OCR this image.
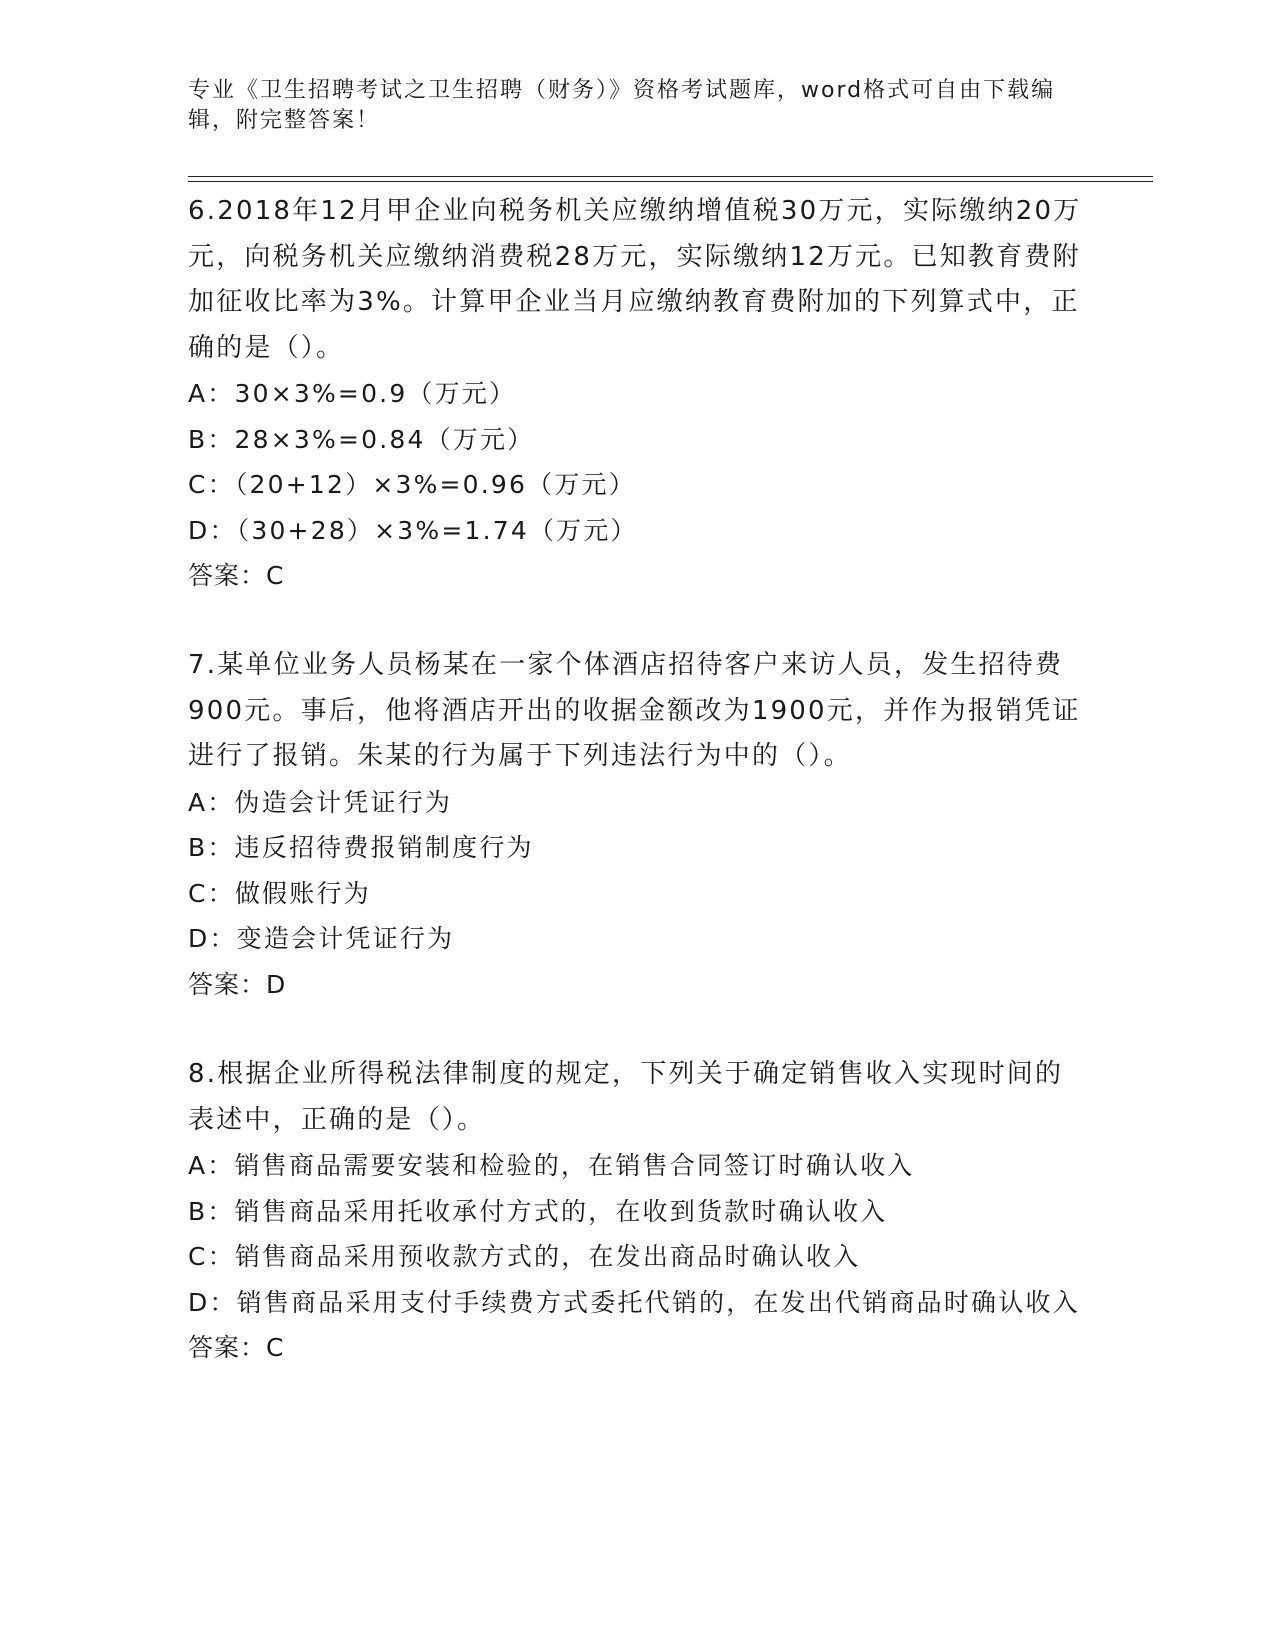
专业《卫生招聘考试之卫生招聘（财务）》资格考试题库，word格式可自由下载编辑，附完整答案！
6.2018年12月甲企业向税务机关应缴纳增值税30万元，实际缴纳20万元，向税务机关应缴纳消费税28万元，实际缴纳12万元。已知教育费附加征收比率为3%。计算甲企业当月应缴纳教育费附加的下列算式中，正确的是（）。
A：30×3%=0.9（万元）
B：28×3%=0.84（万元）
C：（20+12）×3%=0.96（万元）
D：（30+28）×3%=1.74（万元）
答案：C
7.某单位业务人员杨某在一家个体酒店招待客户来访人员，发生招待费900元。事后，他将酒店开出的收据金额改为1900元，并作为报销凭证进行了报销。朱某的行为属于下列违法行为中的（）。
A：伪造会计凭证行为
B：违反招待费报销制度行为
C：做假账行为
D：变造会计凭证行为
答案：D
8.根据企业所得税法律制度的规定，下列关于确定销售收入实现时间的表述中，正确的是（）。
A：销售商品需要安装和检验的，在销售合同签订时确认收入
B：销售商品采用托收承付方式的，在收到货款时确认收入
C：销售商品采用预收款方式的，在发出商品时确认收入
D：销售商品采用支付手续费方式委托代销的，在发出代销商品时确认收入
答案：C
